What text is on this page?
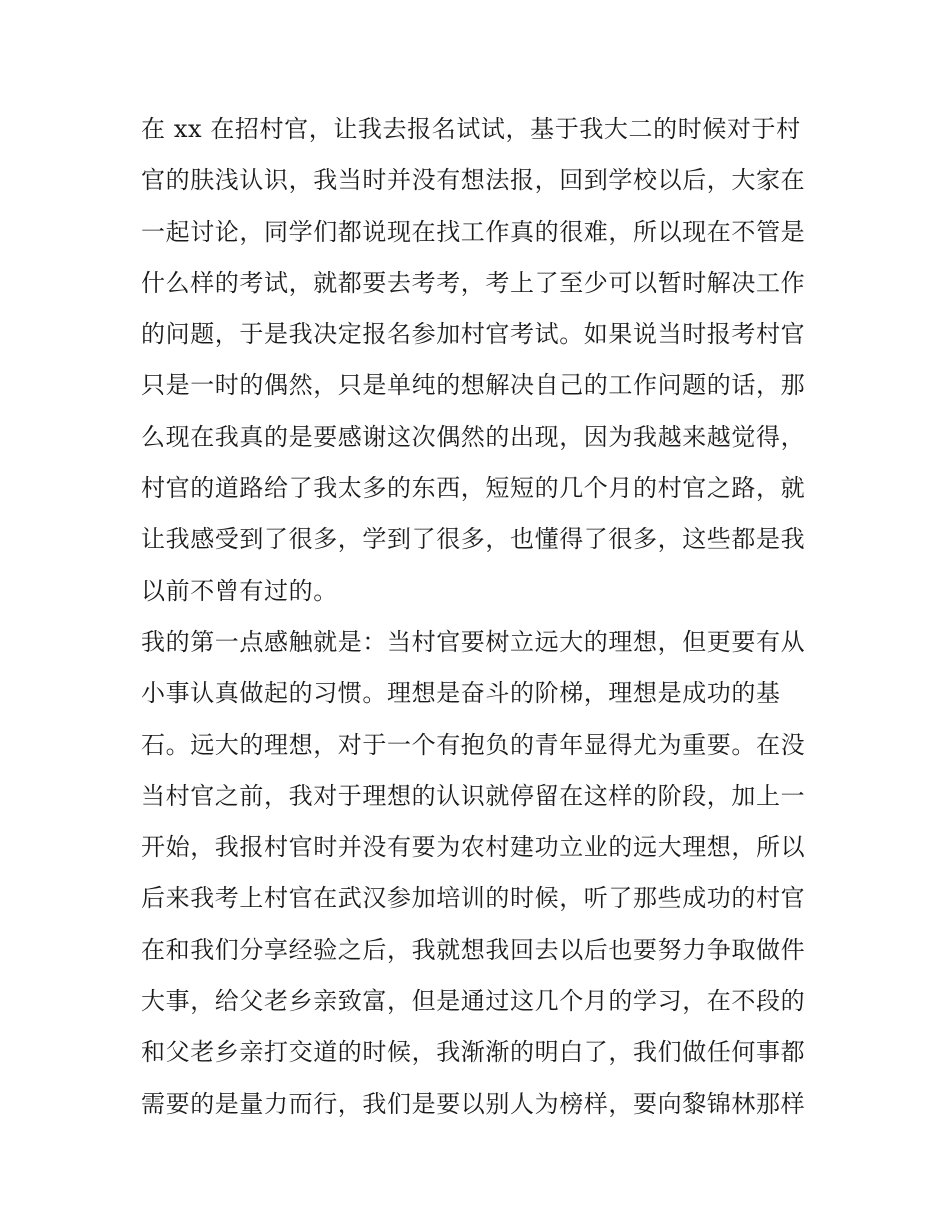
在 xx 在招村官，让我去报名试试，基于我大二的时候对于村
官的肤浅认识，我当时并没有想法报，回到学校以后，大家在
一起讨论，同学们都说现在找工作真的很难，所以现在不管是
什么样的考试，就都要去考考，考上了至少可以暂时解决工作
的问题，于是我决定报名参加村官考试。如果说当时报考村官
只是一时的偶然，只是单纯的想解决自己的工作问题的话，那
么现在我真的是要感谢这次偶然的出现，因为我越来越觉得，
村官的道路给了我太多的东西，短短的几个月的村官之路，就
让我感受到了很多，学到了很多，也懂得了很多，这些都是我
以前不曾有过的。
我的第一点感触就是：当村官要树立远大的理想，但更要有从
小事认真做起的习惯。理想是奋斗的阶梯，理想是成功的基
石。远大的理想，对于一个有抱负的青年显得尤为重要。在没
当村官之前，我对于理想的认识就停留在这样的阶段，加上一
开始，我报村官时并没有要为农村建功立业的远大理想，所以
后来我考上村官在武汉参加培训的时候，听了那些成功的村官
在和我们分享经验之后，我就想我回去以后也要努力争取做件
大事，给父老乡亲致富，但是通过这几个月的学习，在不段的
和父老乡亲打交道的时候，我渐渐的明白了，我们做任何事都
需要的是量力而行，我们是要以别人为榜样，要向黎锦林那样
